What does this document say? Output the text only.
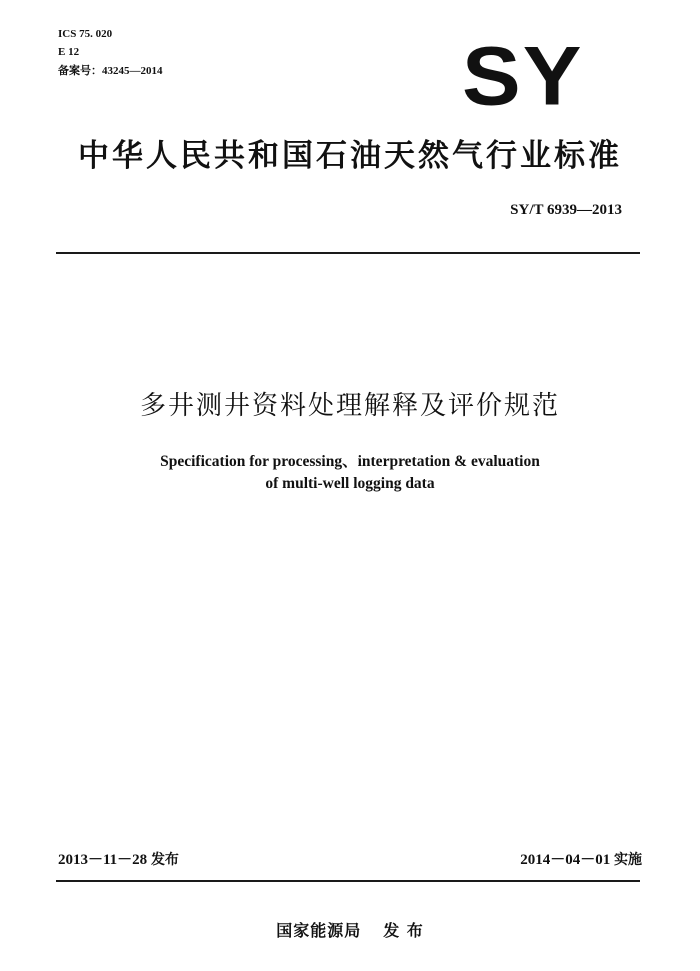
ICS 75. 020
E 12
备案号：43245—2014	SY
中华人民共和国石油天然气行业标准
SY/T 6939—2013
多井测井资料处理解释及评价规范
Specification for processing、interpretation & evaluation
of multi-well logging data
2013－11－28 发布	2014－04－01 实施
国家能源局 发 布
